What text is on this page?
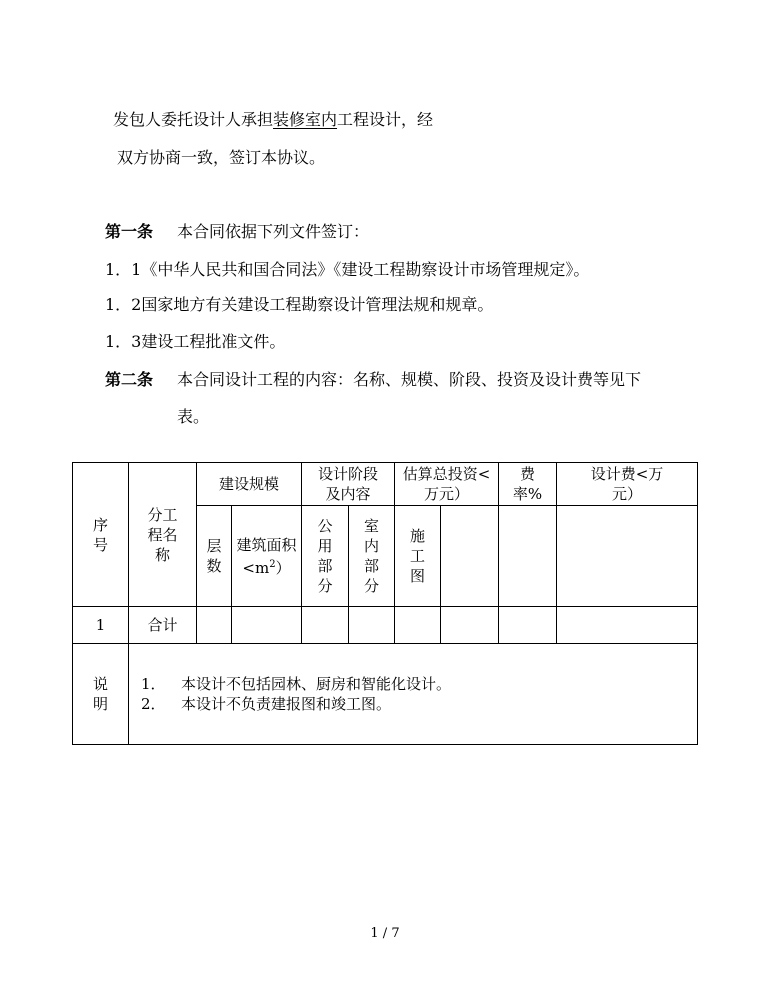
发包人委托设计人承担装修室内工程设计，经
双方协商一致，签订本协议。
第一条 本合同依据下列文件签订：
1．1《中华人民共和国合同法》《建设工程勘察设计市场管理规定》。
1．2国家地方有关建设工程勘察设计管理法规和规章。
1．3建设工程批准文件。
第二条 本合同设计工程的内容：名称、规模、阶段、投资及设计费等见下
表。
序号	分工程名称	建设规模		设计阶段及内容		估算总投资<万元）		费率%	设计费<万元）

		层数	建筑面积$<m^2$）	公用部分	室内部分	施工图			

1	合计								

说明	1． 本设计不包括园林、厨房和智能化设计。
2． 本设计不负责建报图和竣工图。								
1 / 7
